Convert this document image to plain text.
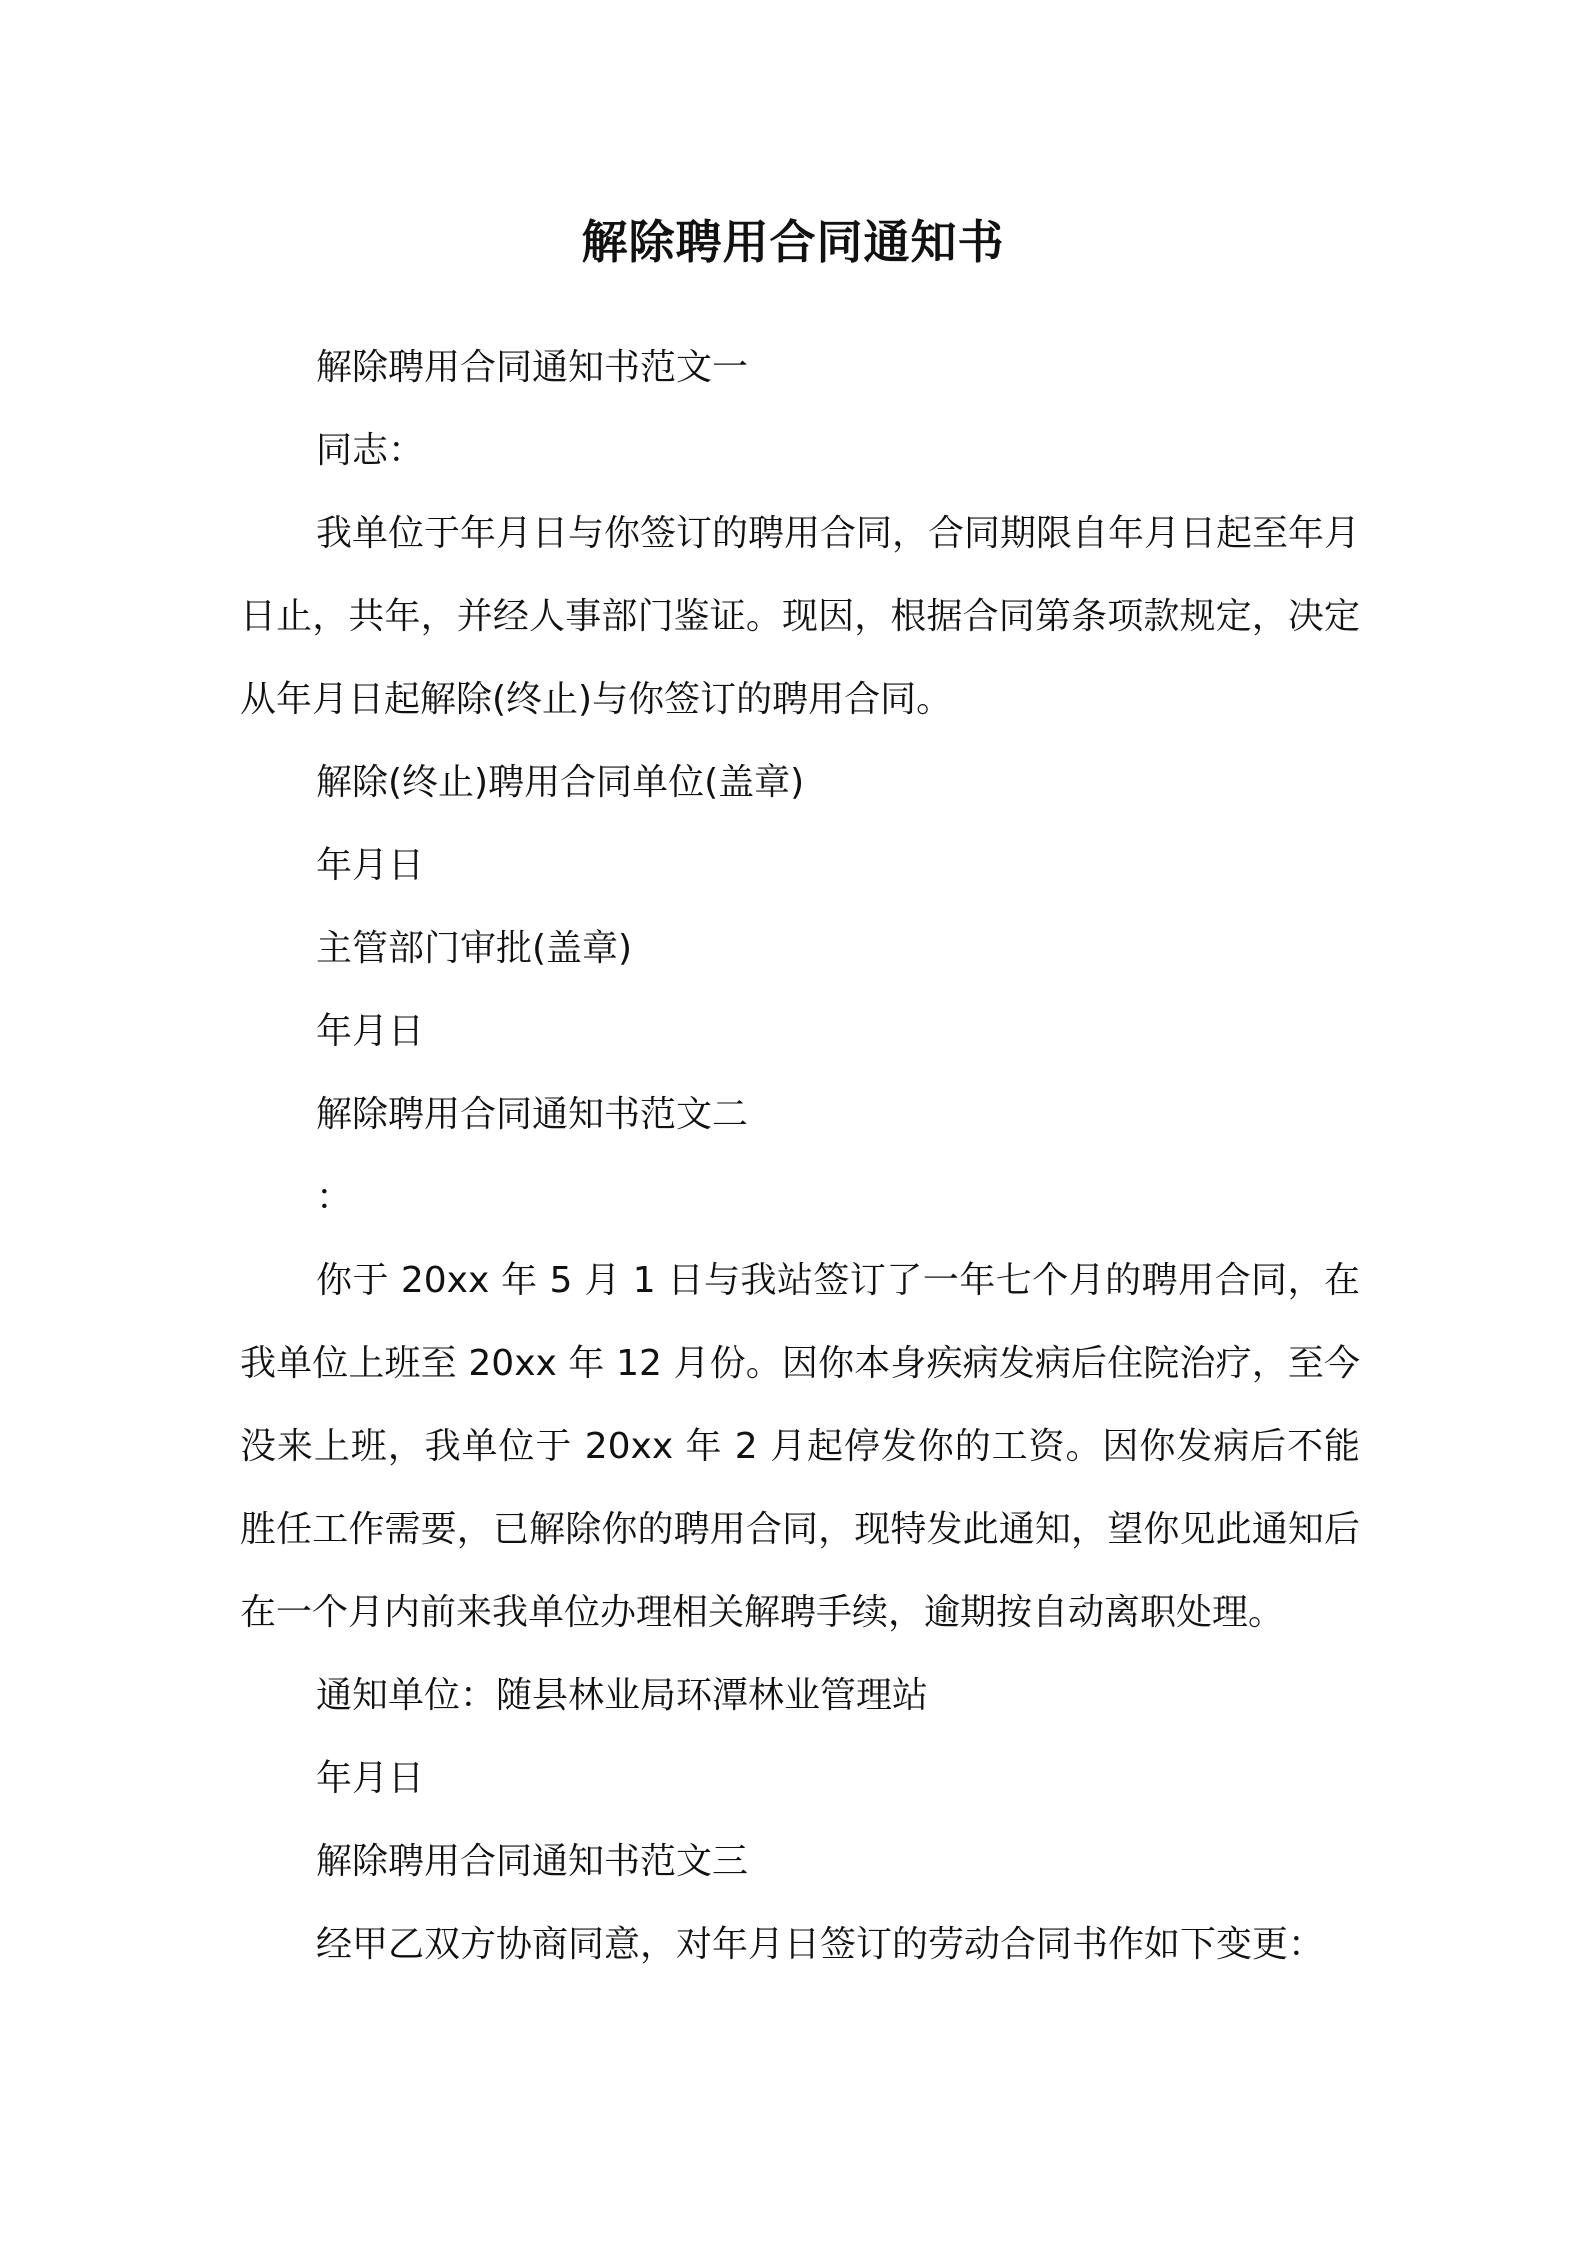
解除聘用合同通知书

解除聘用合同通知书范文一

同志：

我单位于年月日与你签订的聘用合同，合同期限自年月日起至年月日止，共年，并经人事部门鉴证。现因，根据合同第条项款规定，决定从年月日起解除(终止)与你签订的聘用合同。

解除(终止)聘用合同单位(盖章)

年月日

主管部门审批(盖章)

年月日

解除聘用合同通知书范文二

：

你于 20xx 年 5 月 1 日与我站签订了一年七个月的聘用合同，在我单位上班至 20xx 年 12 月份。因你本身疾病发病后住院治疗，至今没来上班，我单位于 20xx 年 2 月起停发你的工资。因你发病后不能胜任工作需要，已解除你的聘用合同，现特发此通知，望你见此通知后在一个月内前来我单位办理相关解聘手续，逾期按自动离职处理。

通知单位：随县林业局环潭林业管理站

年月日

解除聘用合同通知书范文三

经甲乙双方协商同意，对年月日签订的劳动合同书作如下变更：
